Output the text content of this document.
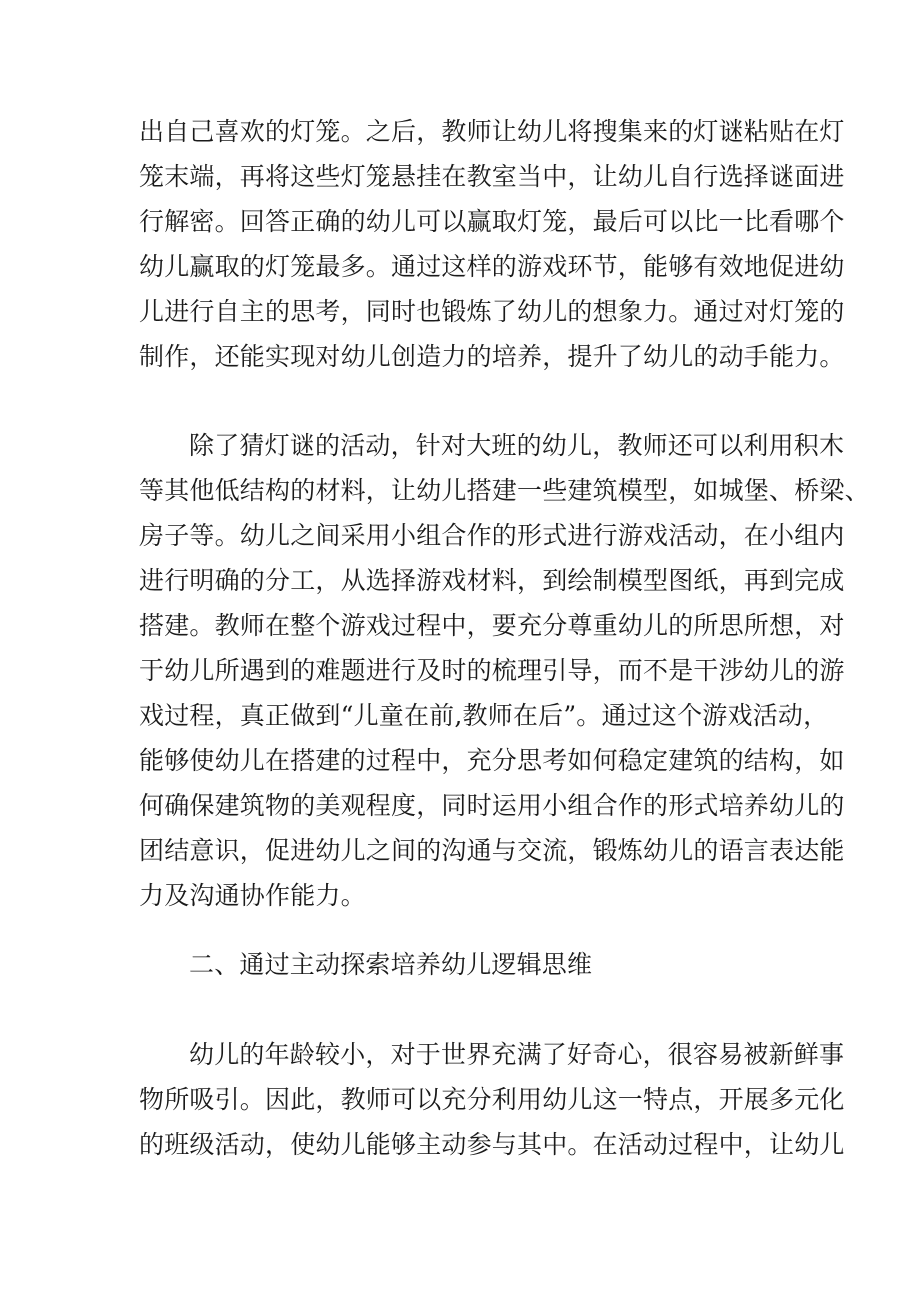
出自己喜欢的灯笼。之后，教师让幼儿将搜集来的灯谜粘贴在灯
笼末端，再将这些灯笼悬挂在教室当中，让幼儿自行选择谜面进
行解密。回答正确的幼儿可以赢取灯笼，最后可以比一比看哪个
幼儿赢取的灯笼最多。通过这样的游戏环节，能够有效地促进幼
儿进行自主的思考，同时也锻炼了幼儿的想象力。通过对灯笼的
制作，还能实现对幼儿创造力的培养，提升了幼儿的动手能力。
除了猜灯谜的活动，针对大班的幼儿，教师还可以利用积木
等其他低结构的材料，让幼儿搭建一些建筑模型，如城堡、桥梁、
房子等。幼儿之间采用小组合作的形式进行游戏活动，在小组内
进行明确的分工，从选择游戏材料，到绘制模型图纸，再到完成
搭建。教师在整个游戏过程中，要充分尊重幼儿的所思所想，对
于幼儿所遇到的难题进行及时的梳理引导，而不是干涉幼儿的游
戏过程，真正做到“儿童在前,教师在后”。通过这个游戏活动，
能够使幼儿在搭建的过程中，充分思考如何稳定建筑的结构，如
何确保建筑物的美观程度，同时运用小组合作的形式培养幼儿的
团结意识，促进幼儿之间的沟通与交流，锻炼幼儿的语言表达能
力及沟通协作能力。
二、通过主动探索培养幼儿逻辑思维
幼儿的年龄较小，对于世界充满了好奇心，很容易被新鲜事
物所吸引。因此，教师可以充分利用幼儿这一特点，开展多元化
的班级活动，使幼儿能够主动参与其中。在活动过程中，让幼儿
